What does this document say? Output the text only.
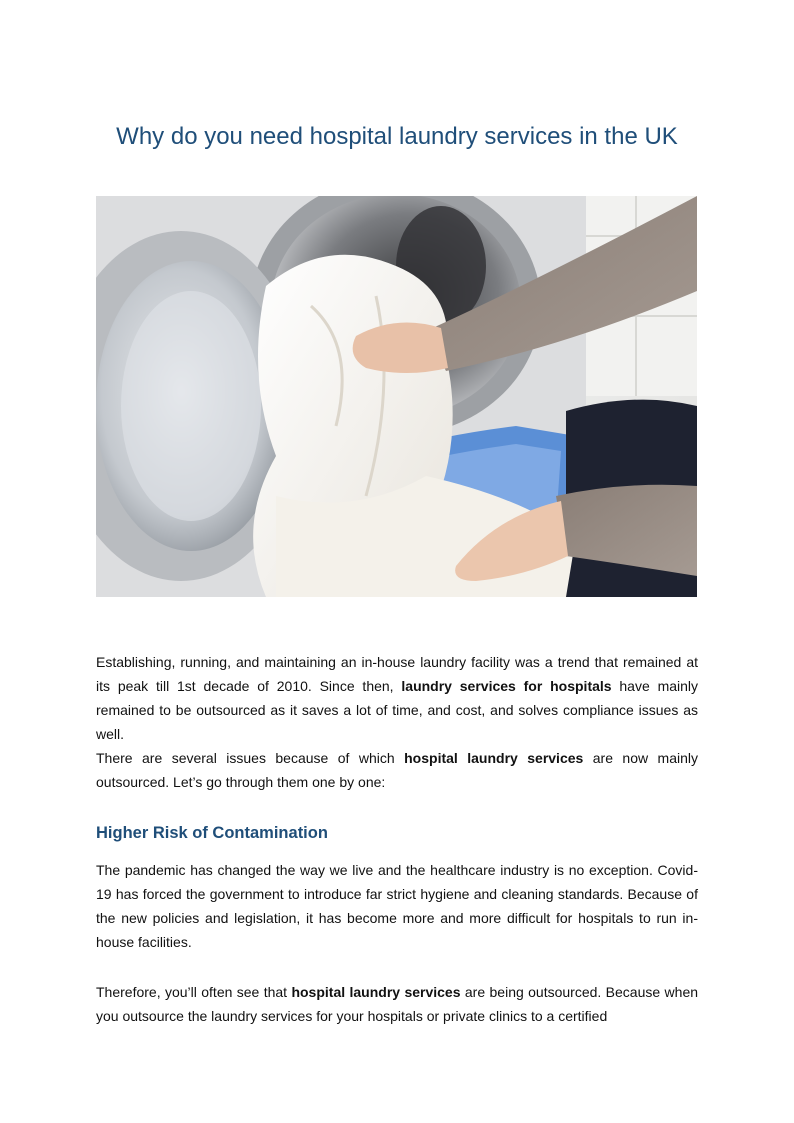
Why do you need hospital laundry services in the UK

Establishing, running, and maintaining an in-house laundry facility was a trend that remained at its peak till 1st decade of 2010. Since then, laundry services for hospitals have mainly remained to be outsourced as it saves a lot of time, and cost, and solves compliance issues as well.

There are several issues because of which hospital laundry services are now mainly outsourced. Let’s go through them one by one:

Higher Risk of Contamination

The pandemic has changed the way we live and the healthcare industry is no exception. Covid-19 has forced the government to introduce far strict hygiene and cleaning standards. Because of the new policies and legislation, it has become more and more difficult for hospitals to run in-house facilities.

Therefore, you’ll often see that hospital laundry services are being outsourced. Because when you outsource the laundry services for your hospitals or private clinics to a certified
